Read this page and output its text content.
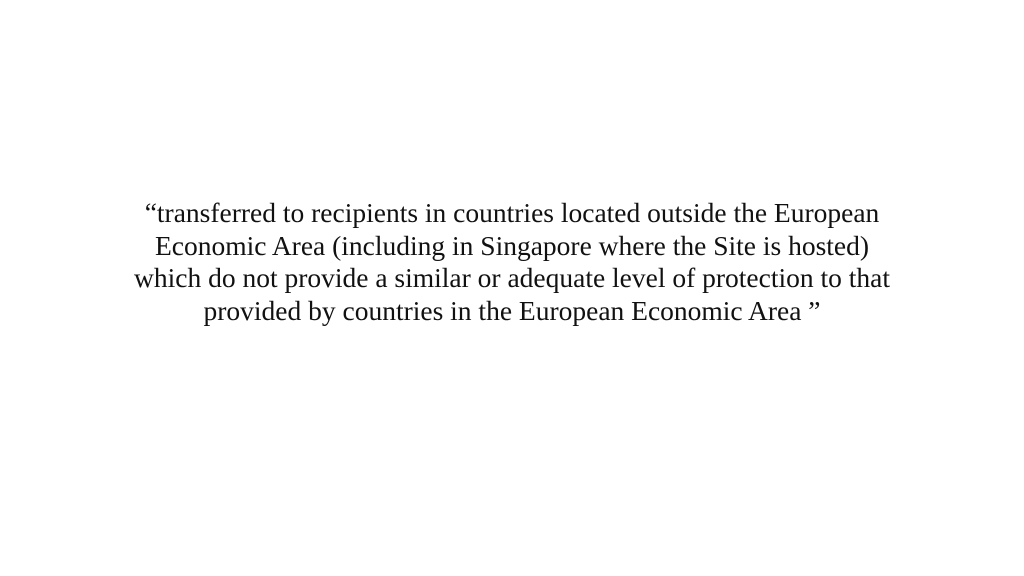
“transferred to recipients in countries located outside the European
Economic Area (including in Singapore where the Site is hosted)
which do not provide a similar or adequate level of protection to that
provided by countries in the European Economic Area ”
